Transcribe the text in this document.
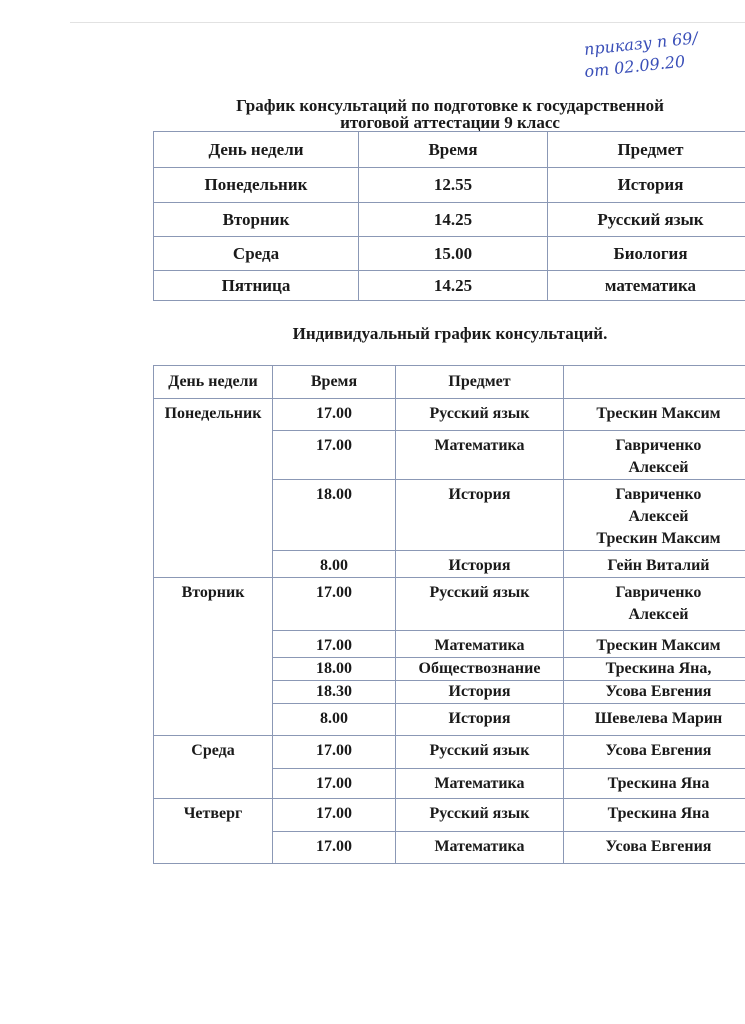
приказу п 69/
от 02.09.20
График консультаций по подготовке к государственной
итоговой аттестации 9 класс
День недели	Время	Предмет
Понедельник	12.55	История
Вторник	14.25	Русский язык
Среда	15.00	Биология
Пятница	14.25	математика
Индивидуальный график консультаций.
День недели	Время	Предмет	
Понедельник	17.00	Русский язык	Трескин Максим

	17.00	Математика	Гавриченко
Алексей

	18.00	История	Гавриченко
Алексей
Трескин Максим

	8.00	История	Гейн Виталий

Вторник	17.00	Русский язык	Гавриченко
Алексей

	17.00	Математика	Трескин Максим

	18.00	Обществознание	Трескина Яна,

	18.30	История	Усова Евгения

	8.00	История	Шевелева Марин

Среда	17.00	Русский язык	Усова Евгения

	17.00	Математика	Трескина Яна

Четверг	17.00	Русский язык	Трескина Яна

	17.00	Математика	Усова Евгения
